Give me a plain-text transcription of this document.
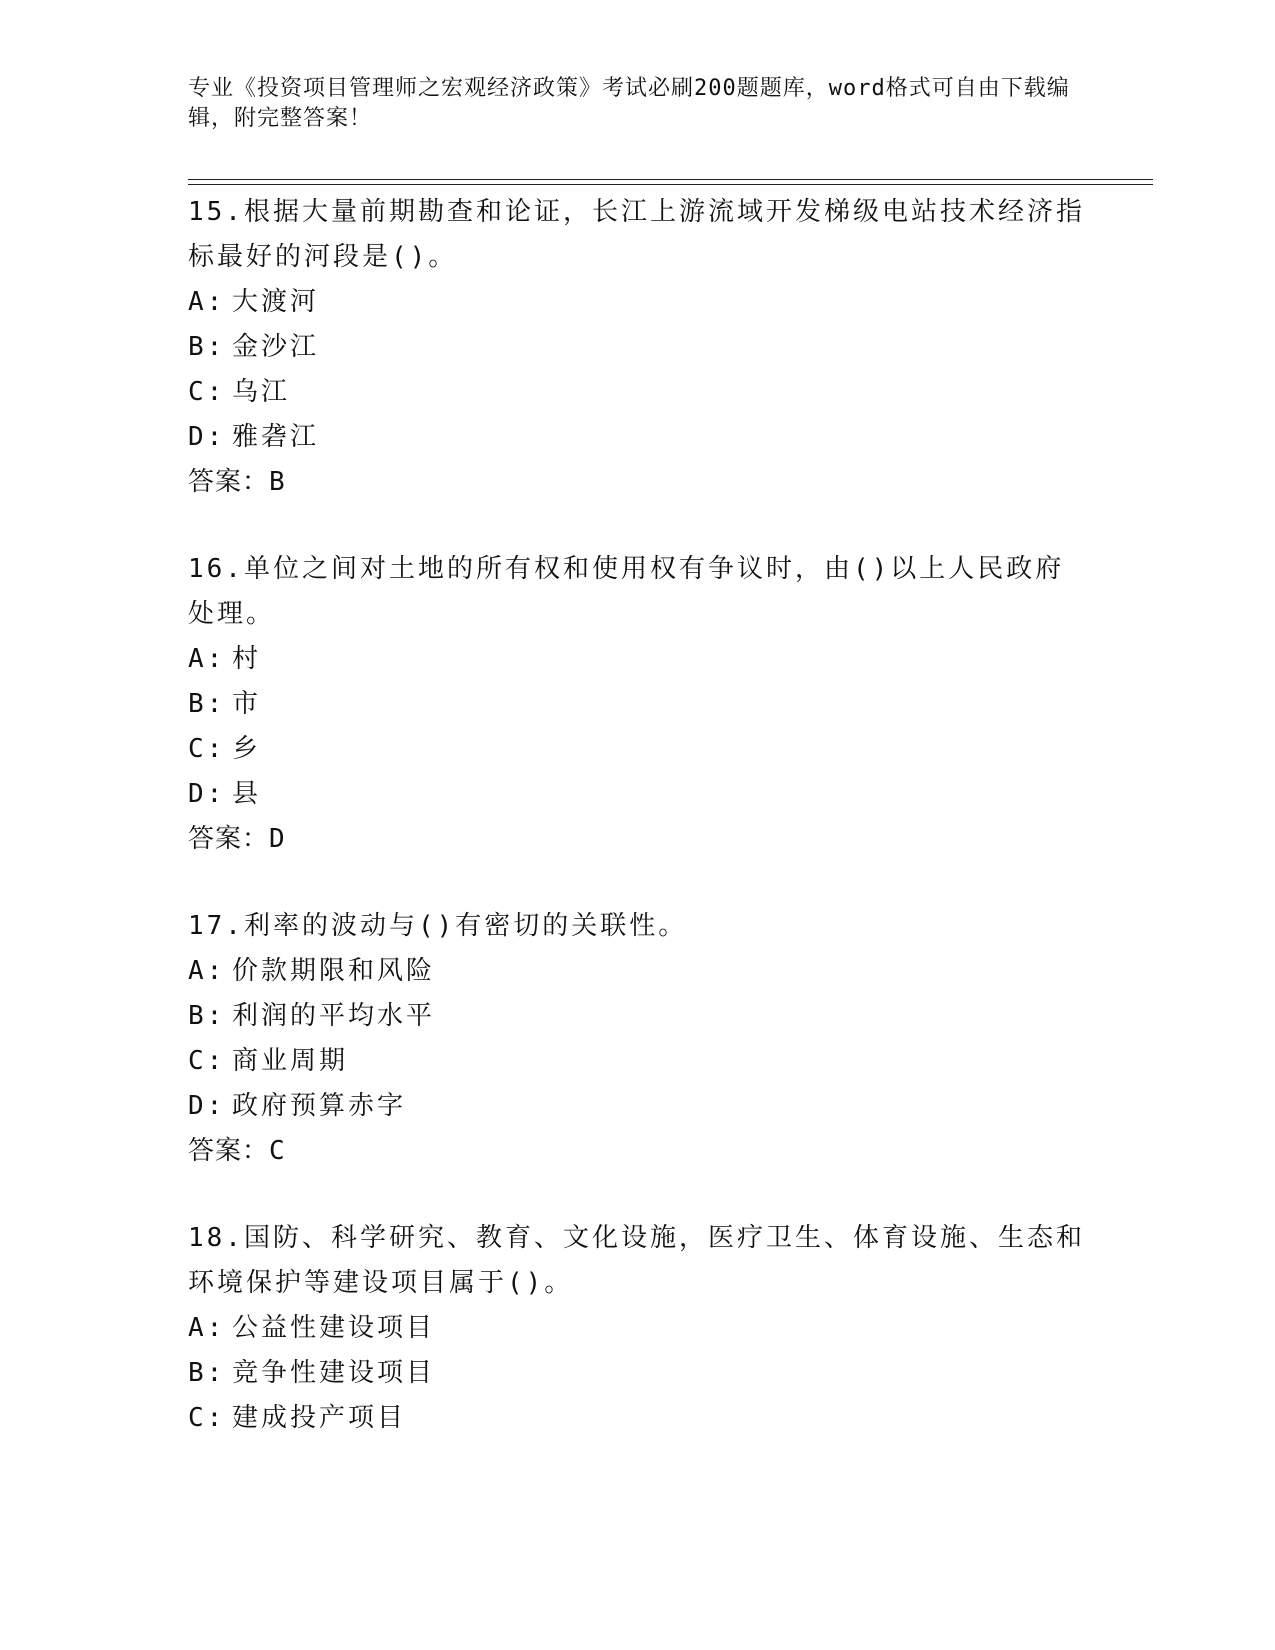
专业《投资项目管理师之宏观经济政策》考试必刷200题题库，word格式可自由下载编辑，附完整答案！
15.根据大量前期勘查和论证，长江上游流域开发梯级电站技术经济指标最好的河段是()。
A: 大渡河
B: 金沙江
C: 乌江
D: 雅砻江
答案：B
16.单位之间对土地的所有权和使用权有争议时，由()以上人民政府处理。
A: 村
B: 市
C: 乡
D: 县
答案：D
17.利率的波动与()有密切的关联性。
A: 价款期限和风险
B: 利润的平均水平
C: 商业周期
D: 政府预算赤字
答案：C
18.国防、科学研究、教育、文化设施，医疗卫生、体育设施、生态和环境保护等建设项目属于()。
A: 公益性建设项目
B: 竞争性建设项目
C: 建成投产项目
